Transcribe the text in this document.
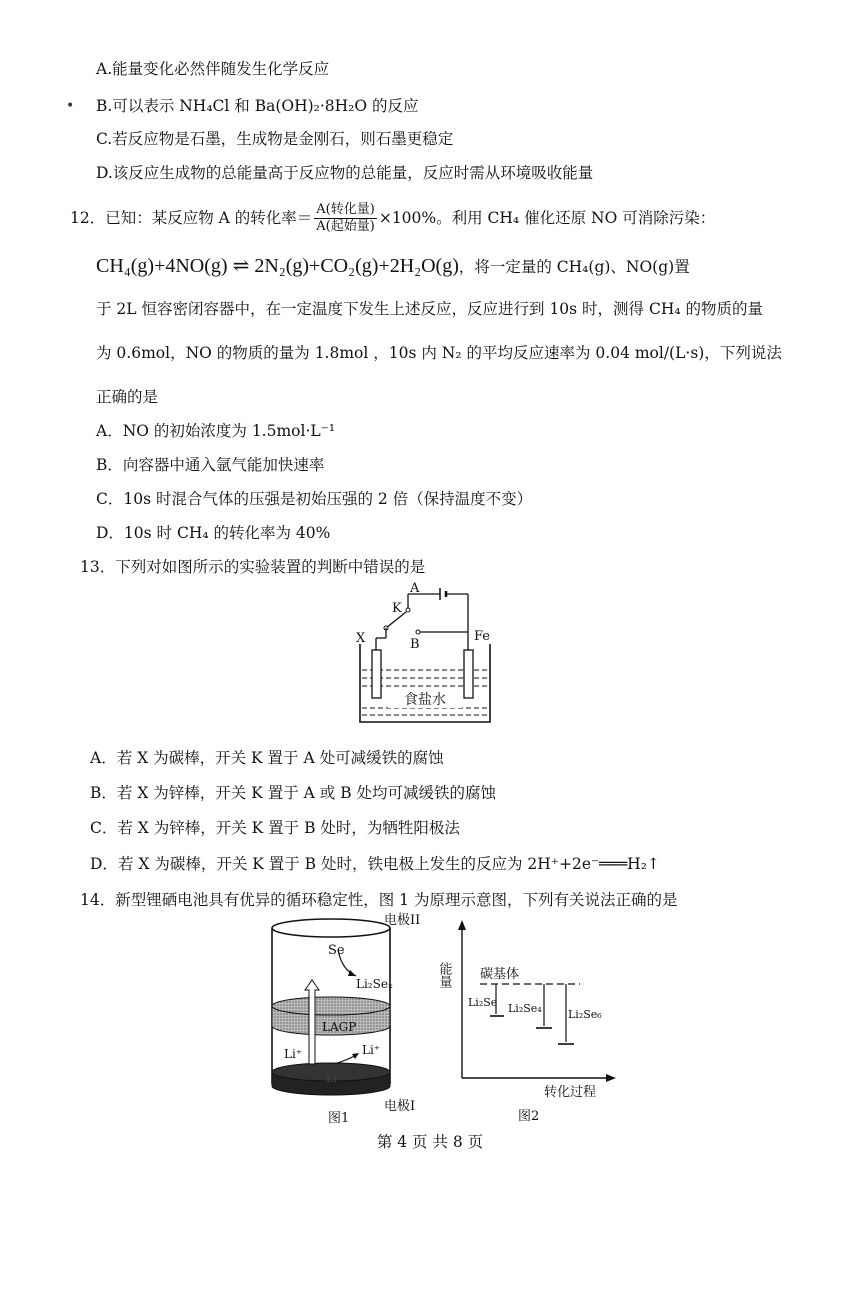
A.能量变化必然伴随发生化学反应
• B.可以表示 NH₄Cl 和 Ba(OH)₂·8H₂O 的反应
C.若反应物是石墨，生成物是金刚石，则石墨更稳定
D.该反应生成物的总能量高于反应物的总能量，反应时需从环境吸收能量
12．已知：某反应物 A 的转化率＝ $\frac{\text{A(转化量)}}{\text{A(起始量)}} \times 100\%$。利用 CH₄ 催化还原 NO 可消除污染：
CH₄(g)+4NO(g) ⇌ 2N₂(g)+CO₂(g)+2H₂O(g)，将一定量的 CH₄(g)、NO(g)置
于 2L 恒容密闭容器中，在一定温度下发生上述反应，反应进行到 10s 时，测得 CH₄ 的物质的量
为 0.6mol，NO 的物质的量为 1.8mol ，10s 内 N₂ 的平均反应速率为 0.04 mol/(L·s)，下列说法
正确的是
A．NO 的初始浓度为 1.5mol·L⁻¹
B．向容器中通入氩气能加快速率
C．10s 时混合气体的压强是初始压强的 2 倍（保持温度不变）
D．10s 时 CH₄ 的转化率为 40%
13．下列对如图所示的实验装置的判断中错误的是
食盐水
A
K
B
X	Fe
A．若 X 为碳棒，开关 K 置于 A 处可减缓铁的腐蚀
B．若 X 为锌棒，开关 K 置于 A 或 B 处均可减缓铁的腐蚀
C．若 X 为锌棒，开关 K 置于 B 处时，为牺牲阳极法
D．若 X 为碳棒，开关 K 置于 B 处时，铁电极上发生的反应为 2H⁺+2e⁻═══H₂↑
14．新型锂硒电池具有优异的循环稳定性，图 1 为原理示意图，下列有关说法正确的是
电极II
Se
Li₂Seₓ
LAGP
Li⁺	Li⁺
Li
电极I
图1
能量 碳基体
Li₂Se Li₂Se₄ Li₂Se₆
转化过程
图2
第 4 页 共 8 页
